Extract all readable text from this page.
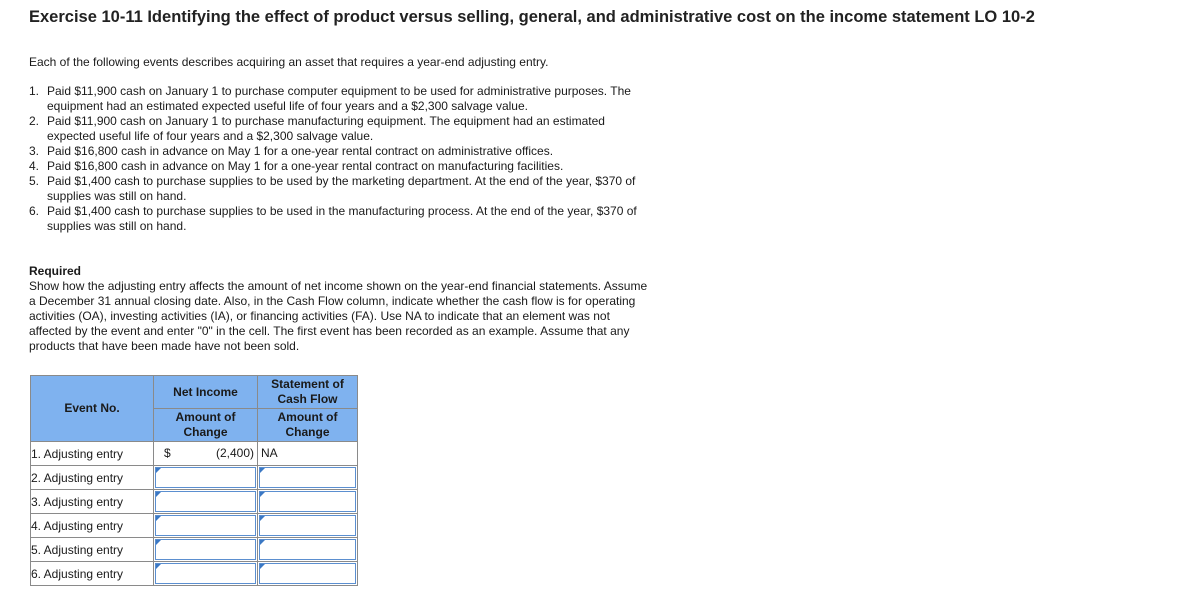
Exercise 10-11 Identifying the effect of product versus selling, general, and administrative cost on the income statement LO 10-2

Each of the following events describes acquiring an asset that requires a year-end adjusting entry.

1. Paid $11,900 cash on January 1 to purchase computer equipment to be used for administrative purposes. The equipment had an estimated expected useful life of four years and a $2,300 salvage value.
2. Paid $11,900 cash on January 1 to purchase manufacturing equipment. The equipment had an estimated expected useful life of four years and a $2,300 salvage value.
3. Paid $16,800 cash in advance on May 1 for a one-year rental contract on administrative offices.
4. Paid $16,800 cash in advance on May 1 for a one-year rental contract on manufacturing facilities.
5. Paid $1,400 cash to purchase supplies to be used by the marketing department. At the end of the year, $370 of supplies was still on hand.
6. Paid $1,400 cash to purchase supplies to be used in the manufacturing process. At the end of the year, $370 of supplies was still on hand.

Required

Show how the adjusting entry affects the amount of net income shown on the year-end financial statements. Assume a December 31 annual closing date. Also, in the Cash Flow column, indicate whether the cash flow is for operating activities (OA), investing activities (IA), or financing activities (FA). Use NA to indicate that an element was not affected by the event and enter "0" in the cell. The first event has been recorded as an example. Assume that any products that have been made have not been sold.

Event No.	Net Income	Statement of Cash Flow
	Amount of Change	Amount of Change
1. Adjusting entry	$ (2,400)	NA

2. Adjusting entry	

3. Adjusting entry	

4. Adjusting entry	

5. Adjusting entry	

6. Adjusting entry	
